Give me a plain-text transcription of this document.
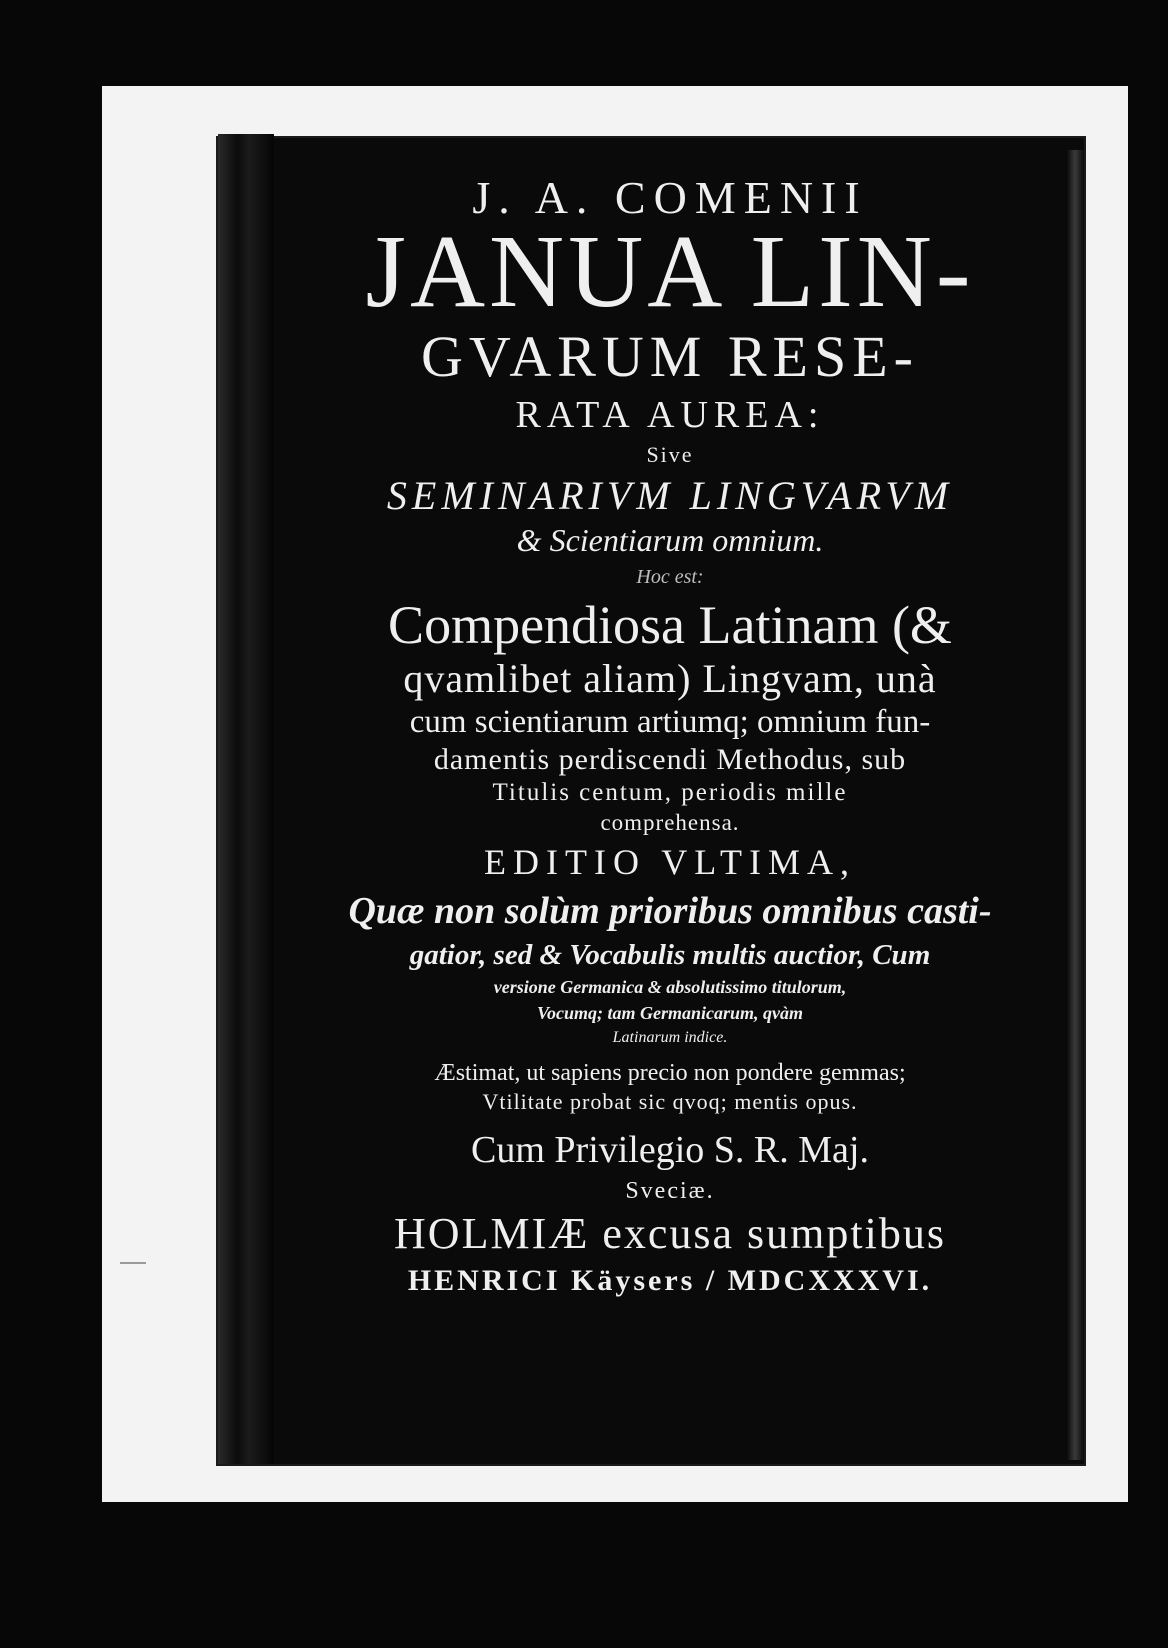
J. A. COMENII
JANUA LIN-
GVARUM RESE-
RATA AUREA:
Sive
SEMINARIVM LINGVARVM
& Scientiarum omnium.
Hoc est:
Compendiosa Latinam (&
qvamlibet aliam) Lingvam, unà
cum scientiarum artiumq; omnium fun-
damentis perdiscendi Methodus, sub
Titulis centum, periodis mille
comprehensa.
EDITIO VLTIMA,
Quæ non solùm prioribus omnibus casti-
gatior, sed & Vocabulis multis auctior, Cum
versione Germanica & absolutissimo titulorum,
Vocumq; tam Germanicarum, qvàm
Latinarum indice.
Æstimat, ut sapiens precio non pondere gemmas;
Vtilitate probat sic qvoq; mentis opus.
Cum Privilegio S. R. Maj.
Sveciæ.
HOLMIÆ excusa sumptibus
HENRICI Käysers / MDCXXXVI.
